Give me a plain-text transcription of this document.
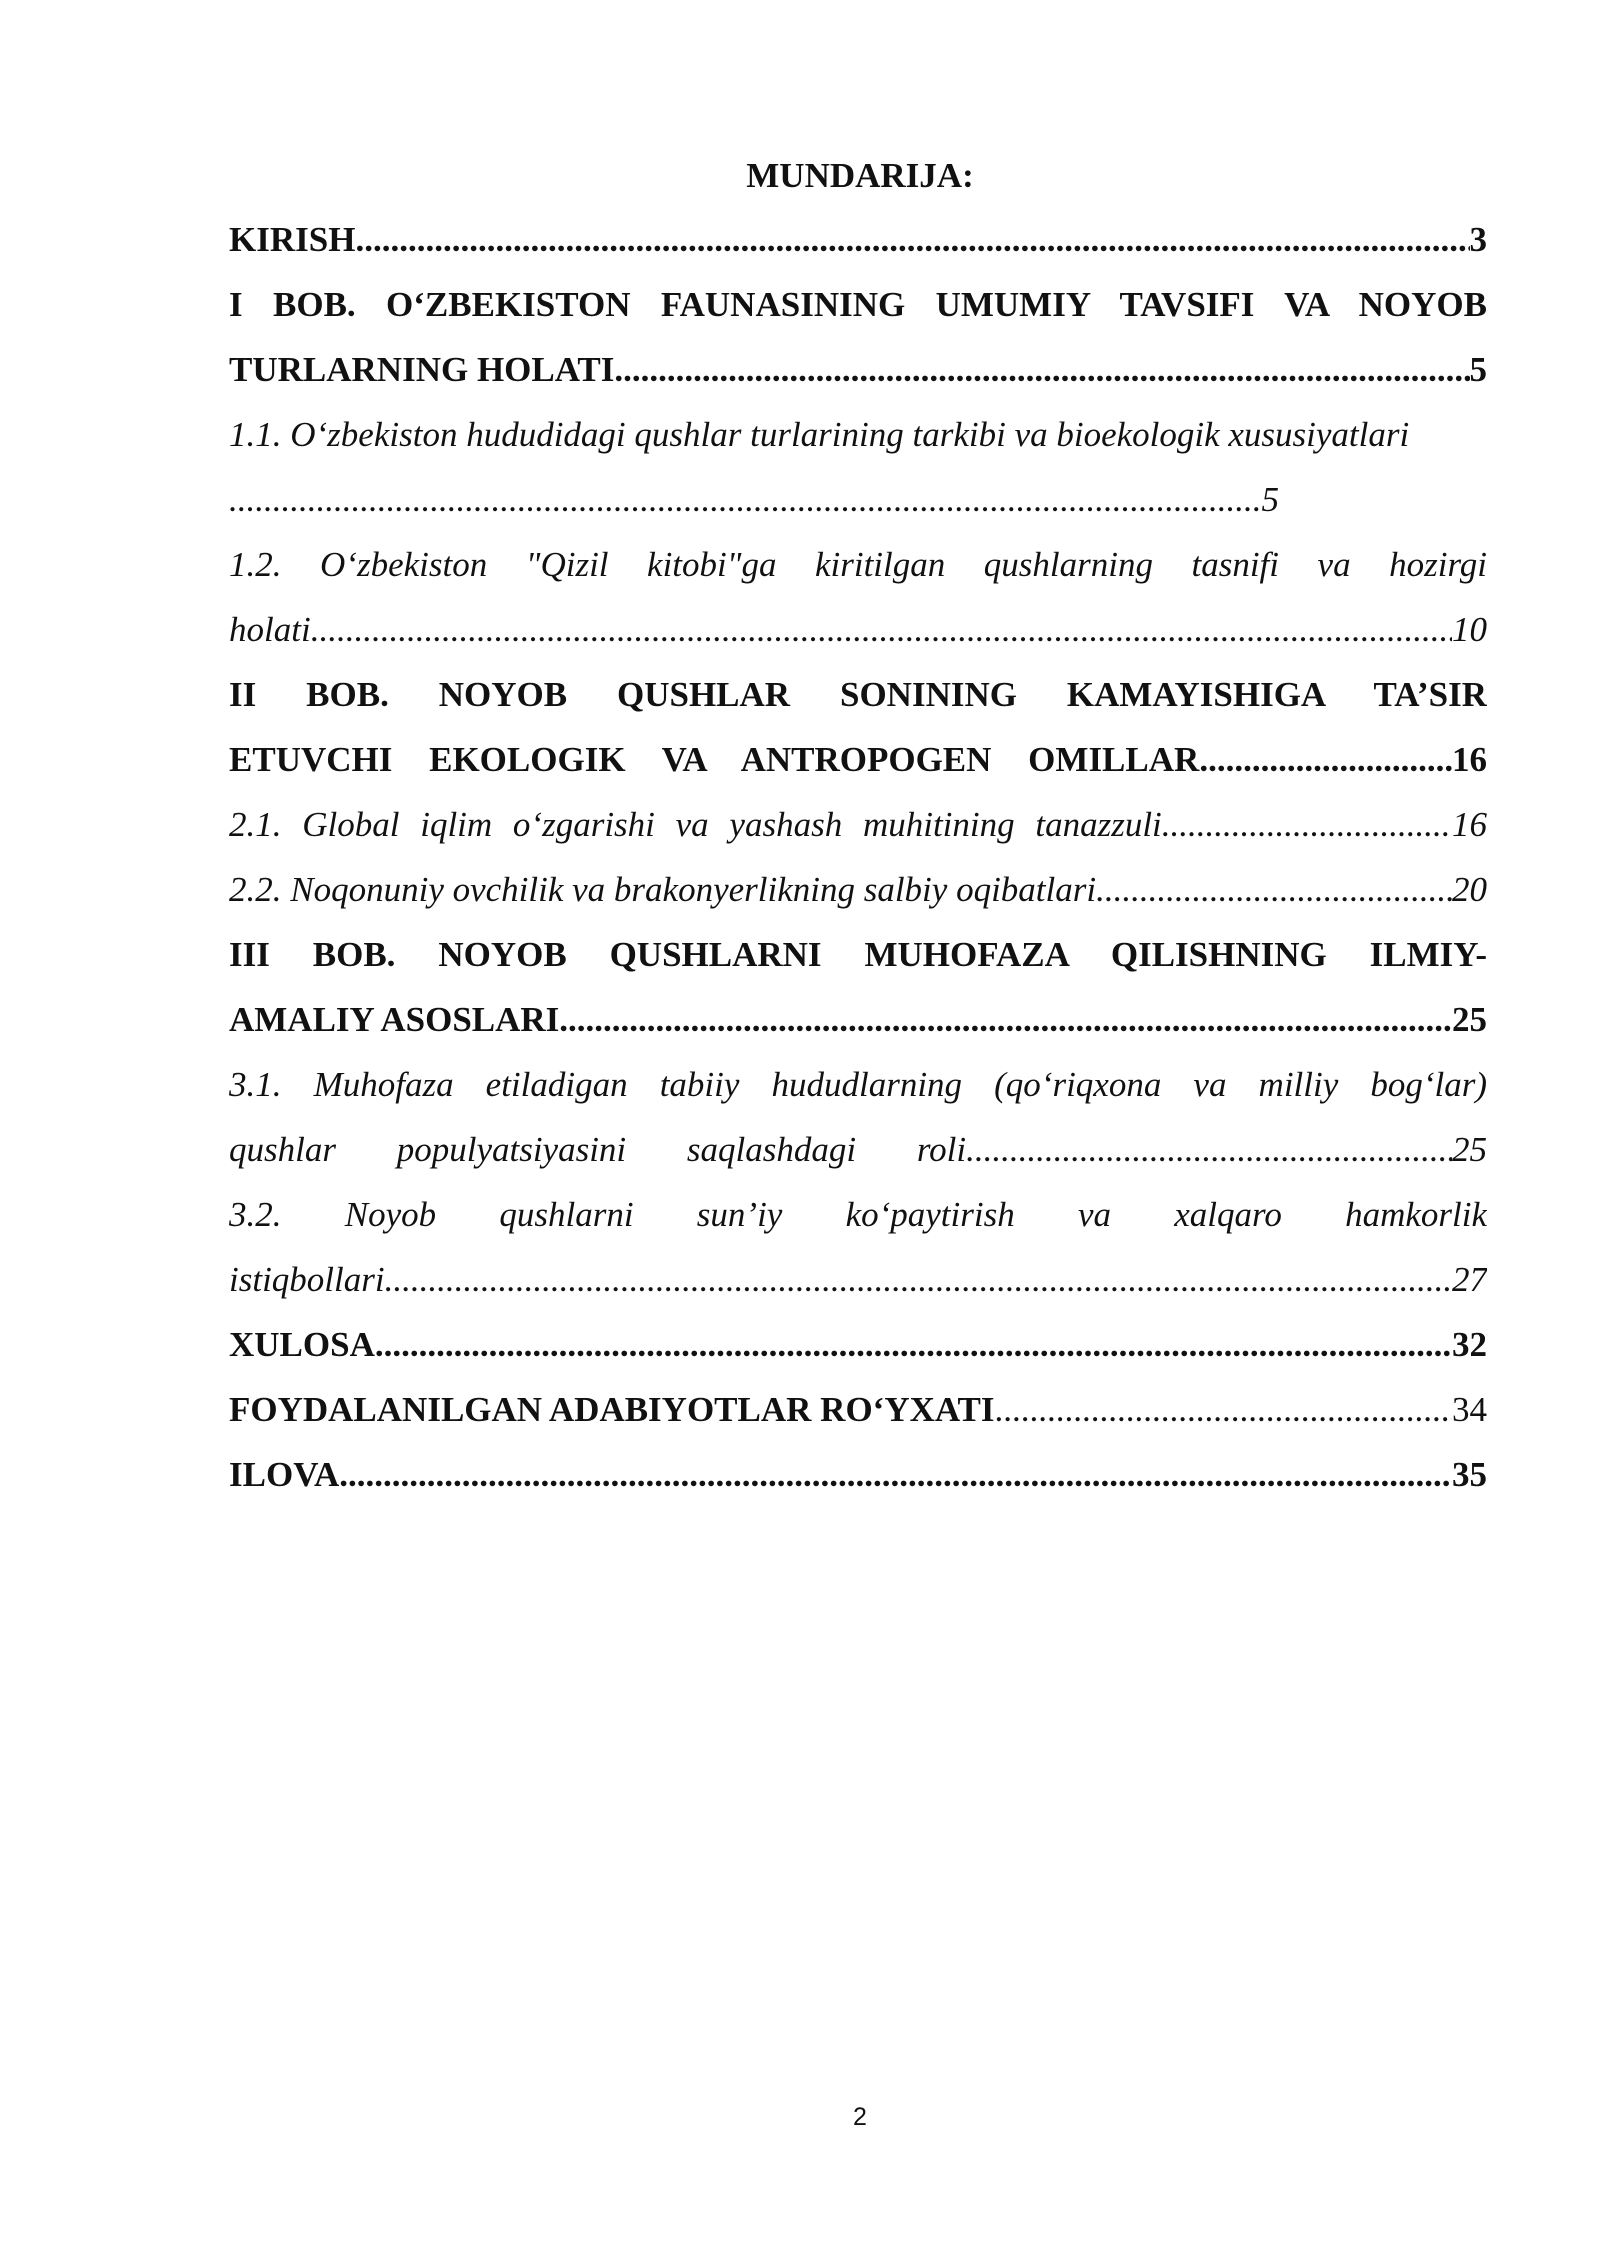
MUNDARIJA:
KIRISH .....	3
I BOB. O‘ZBEKISTON FAUNASINING UMUMIY TAVSIFI VA NOYOB
TURLARNING HOLATI .....	5
1.1. O‘zbekiston hududidagi qushlar turlarining tarkibi va bioekologik xususiyatlari
.....
5
1.2. O‘zbekiston "Qizil kitobi"ga kiritilgan qushlarning tasnifi va hozirgi
holati .....	10
II BOB. NOYOB QUSHLAR SONINING KAMAYISHIGA TA’SIR
ETUVCHI EKOLOGIK VA ANTROPOGEN OMILLAR .....	16
2.1. Global iqlim o‘zgarishi va yashash muhitining tanazzuli .....	16
2.2. Noqonuniy ovchilik va brakonyerlikning salbiy oqibatlari .....	20
III BOB. NOYOB QUSHLARNI MUHOFAZA QILISHNING ILMIY-
AMALIY ASOSLARI .....	25
3.1. Muhofaza etiladigan tabiiy hududlarning (qo‘riqxona va milliy bog‘lar)
qushlar populyatsiyasini saqlashdagi roli .....	25
3.2. Noyob qushlarni sun’iy ko‘paytirish va xalqaro hamkorlik
istiqbollari .....	27
XULOSA .....	32
FOYDALANILGAN ADABIYOTLAR RO‘YXATI .....	34
ILOVA .....	35
2
